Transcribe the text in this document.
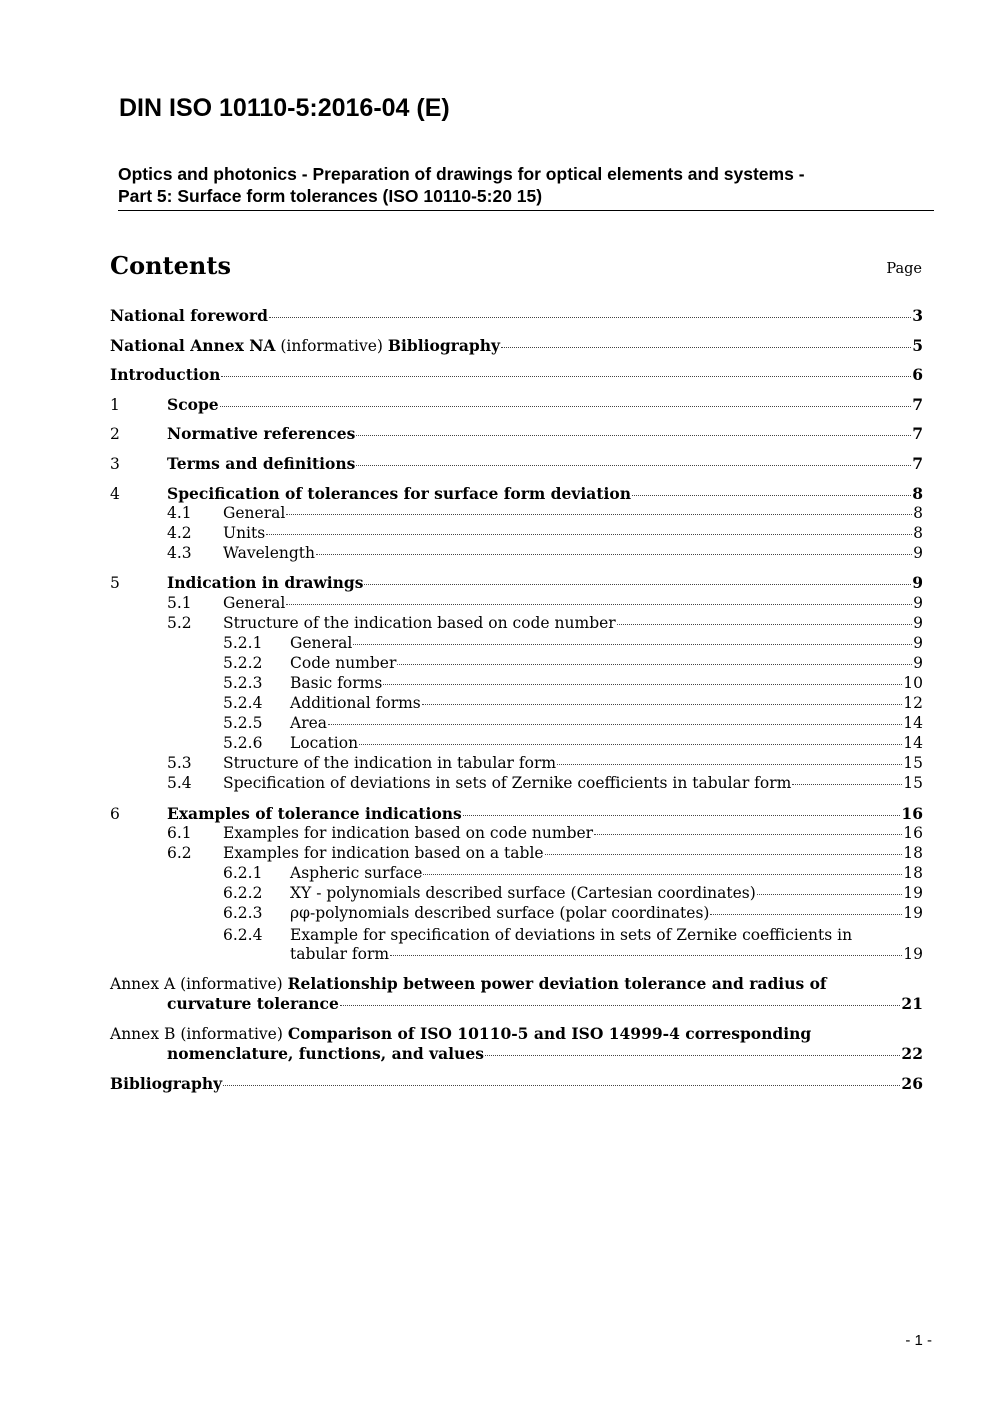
DIN ISO 10110-5:2016-04 (E)
Optics and photonics - Preparation of drawings for optical elements and systems -
Part 5: Surface form tolerances (ISO 10110-5:20 15)
Contents	Page
National foreword	3
National Annex NA (informative) Bibliography	5
Introduction	6
1	Scope	7
2	Normative references	7
3	Terms and definitions	7
4	Specification of tolerances for surface form deviation	8
4.1	General	8
4.2	Units	8
4.3	Wavelength	9
5	Indication in drawings	9
5.1	General	9
5.2	Structure of the indication based on code number	9
5.2.1	General	9
5.2.2	Code number	9
5.2.3	Basic forms	10
5.2.4	Additional forms	12
5.2.5	Area	14
5.2.6	Location	14
5.3	Structure of the indication in tabular form	15
5.4	Specification of deviations in sets of Zernike coefficients in tabular form	15
6	Examples of tolerance indications	16
6.1	Examples for indication based on code number	16
6.2	Examples for indication based on a table	18
6.2.1	Aspheric surface	18
6.2.2	XY - polynomials described surface (Cartesian coordinates)	19
6.2.3	ρφ-polynomials described surface (polar coordinates)	19
6.2.4	Example for specification of deviations in sets of Zernike coefficients in
tabular form	19
Annex A (informative) Relationship between power deviation tolerance and radius of
curvature tolerance	21
Annex B (informative) Comparison of ISO 10110-5 and ISO 14999-4 corresponding
nomenclature, functions, and values	22
Bibliography	26
- 1 -
